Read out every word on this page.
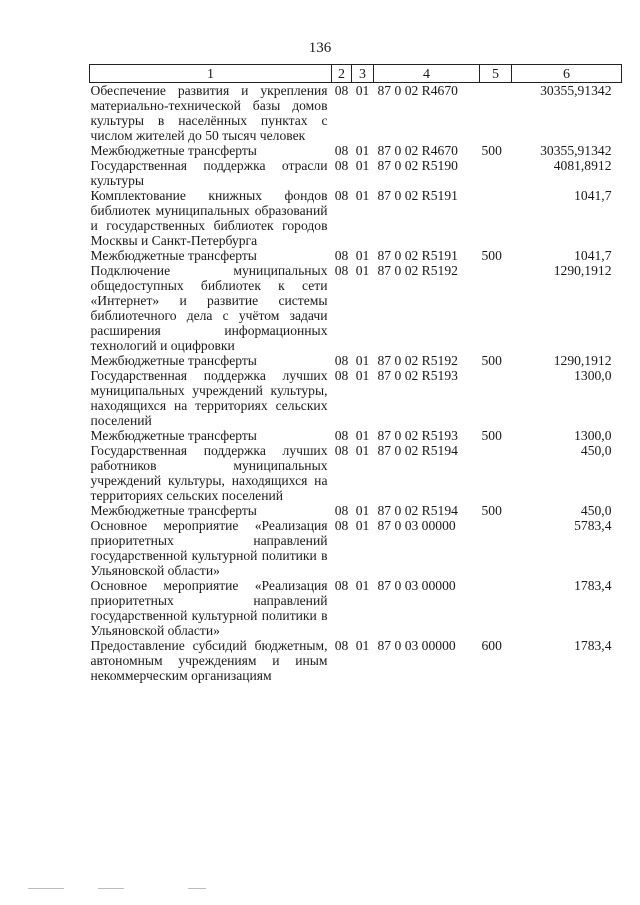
136
1	2	3	4	5	6
Обеспечение развития и укрепления материально-технической базы домов культуры в населённых пунктах с числом жителей до 50 тысяч человек	08	01	87 0 02 R4670		30355,91342
Межбюджетные трансферты	08	01	87 0 02 R4670	500	30355,91342
Государственная поддержка отрасли культуры	08	01	87 0 02 R5190		4081,8912
Комплектование книжных фондов библиотек муниципальных образований и государственных библиотек городов Москвы и Санкт-Петербурга	08	01	87 0 02 R5191		1041,7
Межбюджетные трансферты	08	01	87 0 02 R5191	500	1041,7
Подключение муниципальных общедоступных библиотек к сети «Интернет» и развитие системы библиотечного дела с учётом задачи расширения информационных технологий и оцифровки	08	01	87 0 02 R5192		1290,1912
Межбюджетные трансферты	08	01	87 0 02 R5192	500	1290,1912
Государственная поддержка лучших муниципальных учреждений культуры, находящихся на территориях сельских поселений	08	01	87 0 02 R5193		1300,0
Межбюджетные трансферты	08	01	87 0 02 R5193	500	1300,0
Государственная поддержка лучших работников муниципальных учреждений культуры, находящихся на территориях сельских поселений	08	01	87 0 02 R5194		450,0
Межбюджетные трансферты	08	01	87 0 02 R5194	500	450,0
Основное мероприятие «Реализация приоритетных направлений государственной культурной политики в Ульяновской области»	08	01	87 0 03 00000		5783,4
Основное мероприятие «Реализация приоритетных направлений государственной культурной политики в Ульяновской области»	08	01	87 0 03 00000		1783,4
Предоставление субсидий бюджетным, автономным учреждениям и иным некоммерческим организациям	08	01	87 0 03 00000	600	1783,4
